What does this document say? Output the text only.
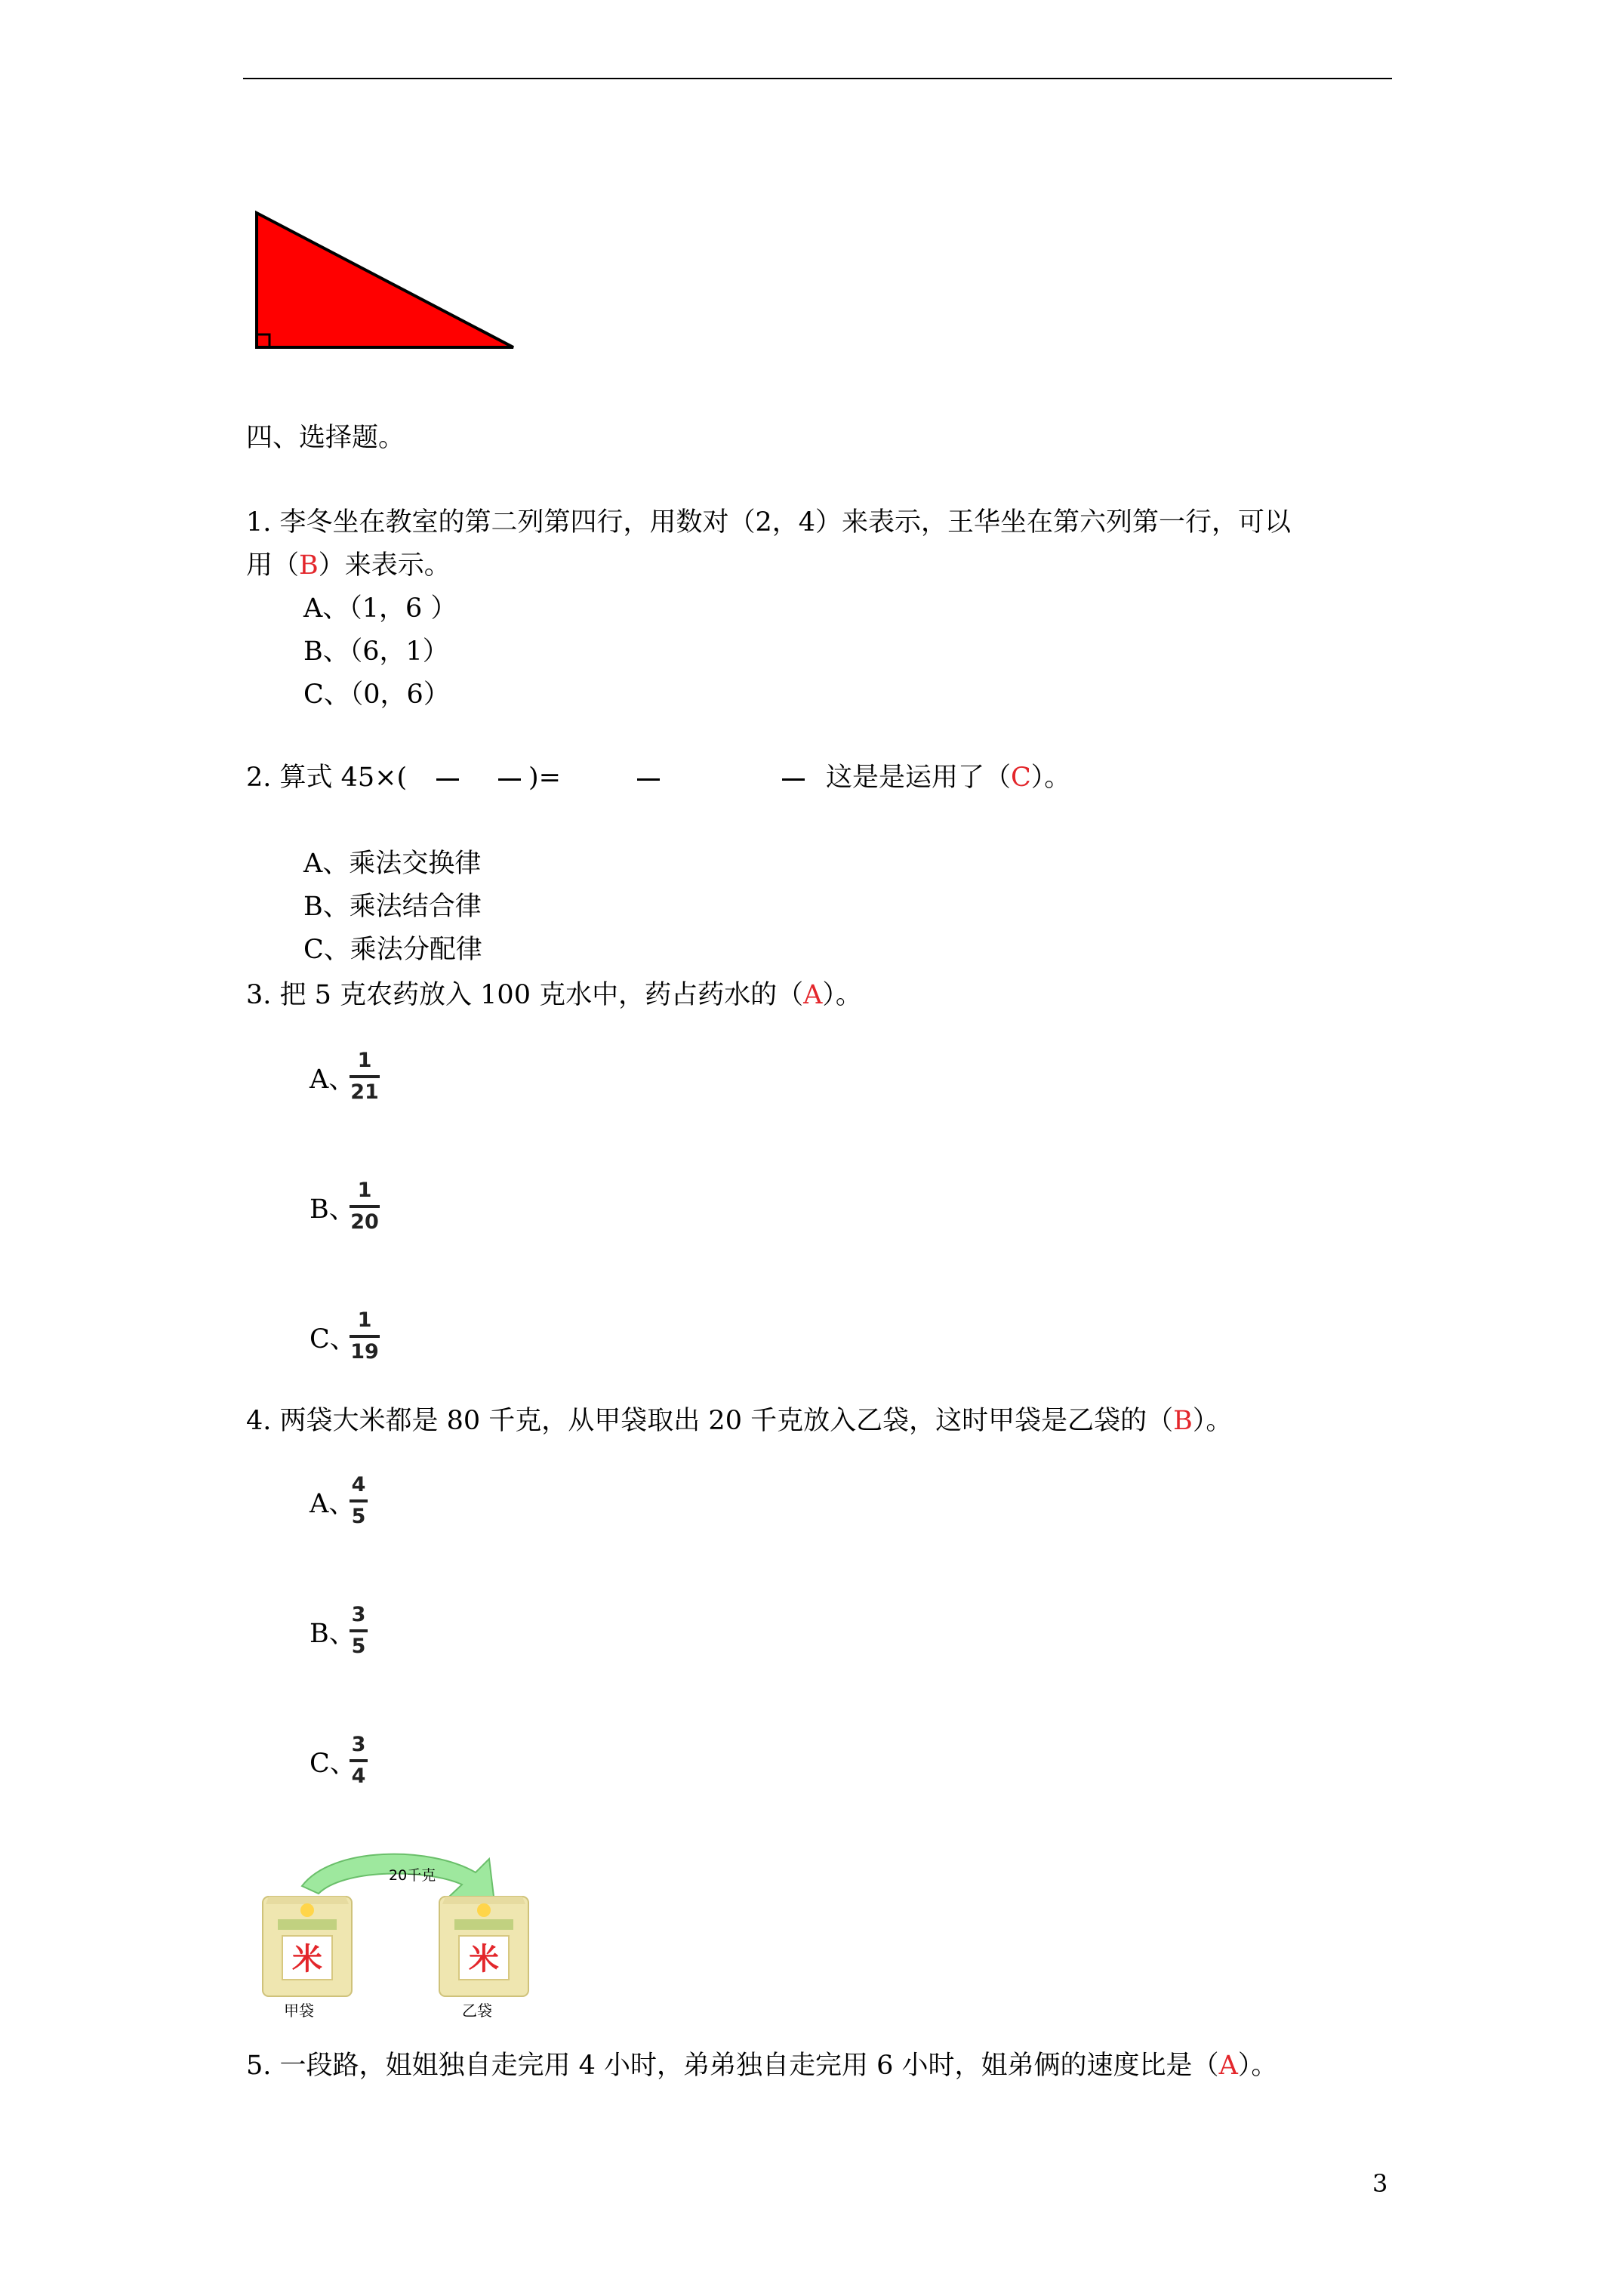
四、选择题。
1. 李冬坐在教室的第二列第四行，用数对（2，4）来表示，王华坐在第六列第一行，可以
用（B）来表示。
A、（1，6 ）
B、（6，1）
C、（0，6）
2. 算式 45×(	)=	这是是运用了（C）。
A、乘法交换律
B、乘法结合律
C、乘法分配律
3. 把 5 克农药放入 100 克水中，药占药水的（A）。
A、
1
21
B、
1
20
C、
1
19
4. 两袋大米都是 80 千克，从甲袋取出 20 千克放入乙袋，这时甲袋是乙袋的（B）。
A、
4
5
B、
3
5
C、
3
4
20千克
米
甲袋
米
乙袋
5. 一段路，姐姐独自走完用 4 小时，弟弟独自走完用 6 小时，姐弟俩的速度比是（A）。
3
